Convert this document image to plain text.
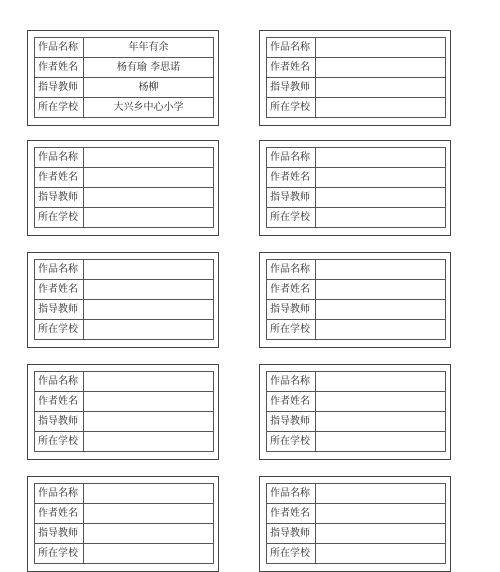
作品名称	年年有余
作者姓名	杨有瑜 李思诺
指导教师	杨柳
所在学校	大兴乡中心小学
作品名称	
作者姓名	
指导教师	
所在学校	
作品名称	
作者姓名	
指导教师	
所在学校	
作品名称	
作者姓名	
指导教师	
所在学校	
作品名称	
作者姓名	
指导教师	
所在学校	
作品名称	
作者姓名	
指导教师	
所在学校	
作品名称	
作者姓名	
指导教师	
所在学校	
作品名称	
作者姓名	
指导教师	
所在学校	
作品名称	
作者姓名	
指导教师	
所在学校	
作品名称	
作者姓名	
指导教师	
所在学校	
